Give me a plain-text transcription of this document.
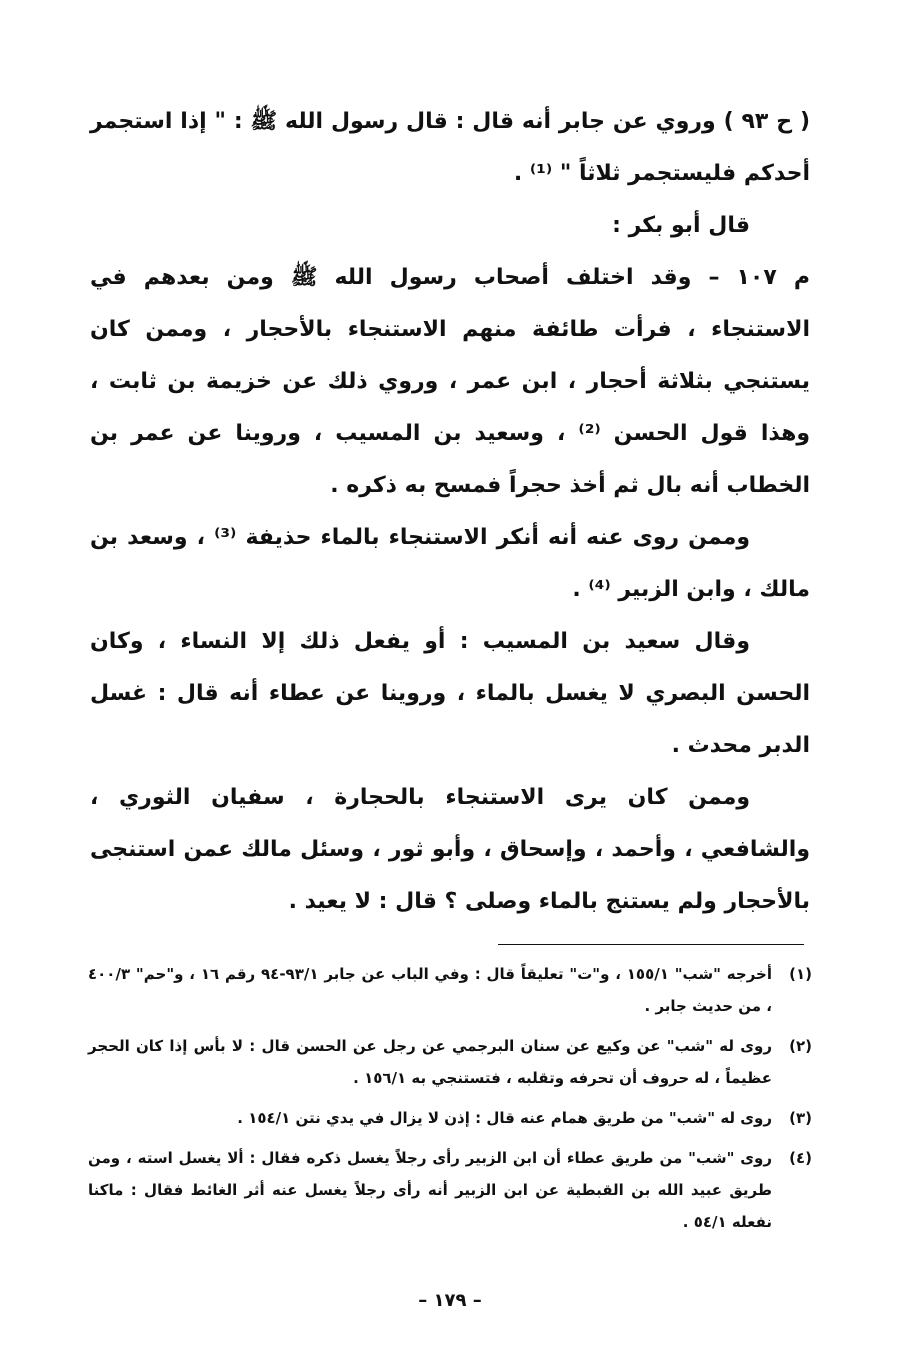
( ح ٩٣ ) وروي عن جابر أنه قال : قال رسول الله ﷺ : " إذا استجمر أحدكم فليستجمر ثلاثاً " ⁽¹⁾ .

قال أبو بكر :

م ١٠٧ – وقد اختلف أصحاب رسول الله ﷺ ومن بعدهم في الاستنجاء ، فرأت طائفة منهم الاستنجاء بالأحجار ، وممن كان يستنجي بثلاثة أحجار ، ابن عمر ، وروي ذلك عن خزيمة بن ثابت ، وهذا قول الحسن ⁽²⁾ ، وسعيد بن المسيب ، وروينا عن عمر بن الخطاب أنه بال ثم أخذ حجراً فمسح به ذكره .

وممن روى عنه أنه أنكر الاستنجاء بالماء حذيفة ⁽³⁾ ، وسعد بن مالك ، وابن الزبير ⁽⁴⁾ .

وقال سعيد بن المسيب : أو يفعل ذلك إلا النساء ، وكان الحسن البصري لا يغسل بالماء ، وروينا عن عطاء أنه قال : غسل الدبر محدث .

وممن كان يرى الاستنجاء بالحجارة ، سفيان الثوري ، والشافعي ، وأحمد ، وإسحاق ، وأبو ثور ، وسئل مالك عمن استنجى بالأحجار ولم يستنج بالماء وصلى ؟ قال : لا يعيد .

(١)
أخرجه "شب" ١٥٥/١ ، و"ت" تعليقاً قال : وفي الباب عن جابر ٩٣/١-٩٤ رقم ١٦ ، و"حم" ٤٠٠/٣ ، من حديث جابر .
(٢)
روى له "شب" عن وكيع عن سنان البرجمي عن رجل عن الحسن قال : لا بأس إذا كان الحجر عظيماً ، له حروف أن تحرفه وتقلبه ، فتستنجي به ١٥٦/١ .
(٣)
روى له "شب" من طريق همام عنه قال : إذن لا يزال في يدي نتن ١٥٤/١ .
(٤)
روى "شب" من طريق عطاء أن ابن الزبير رأى رجلاً يغسل ذكره فقال : ألا يغسل استه ، ومن طريق عبيد الله بن القبطية عن ابن الزبير أنه رأى رجلاً يغسل عنه أثر الغائط فقال : ماكنا نفعله ٥٤/١ .
– ١٧٩ –
